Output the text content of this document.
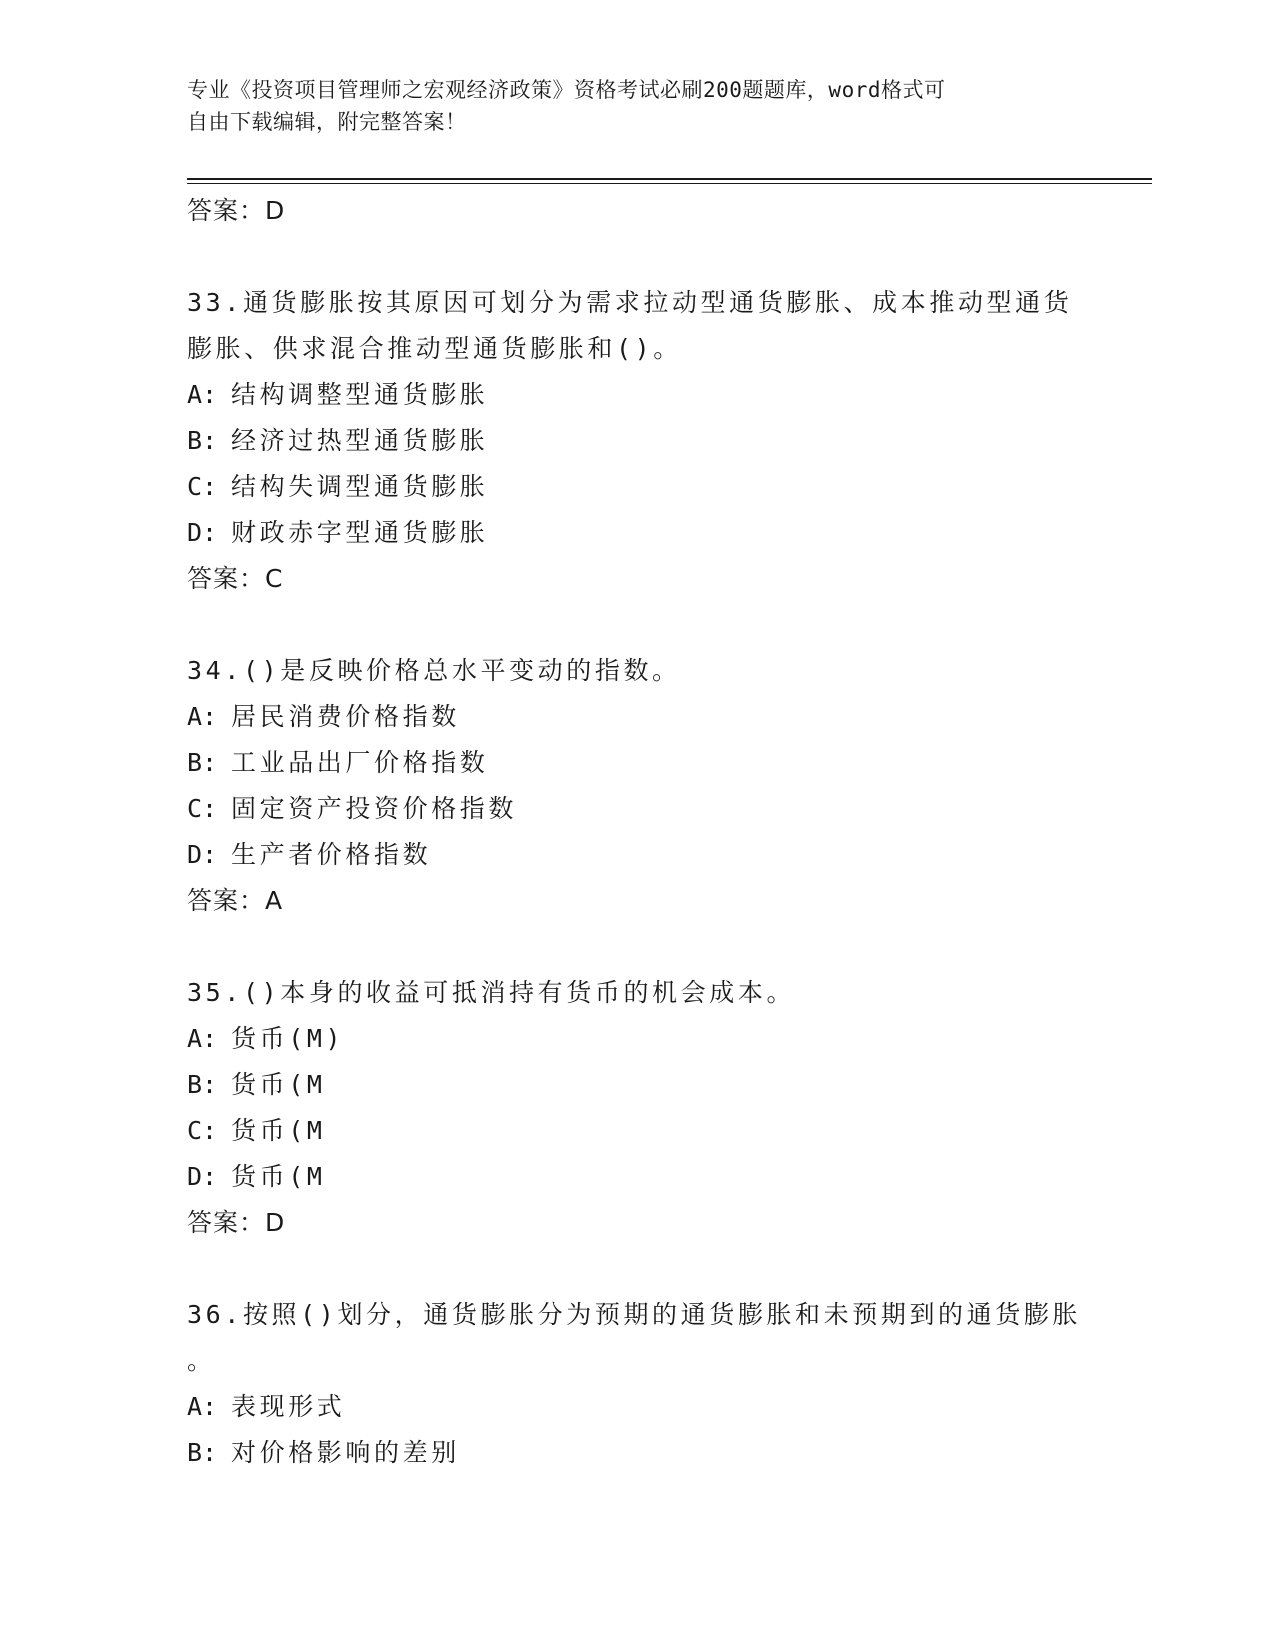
专业《投资项目管理师之宏观经济政策》资格考试必刷200题题库，word格式可
自由下载编辑，附完整答案！
答案：D
33.通货膨胀按其原因可划分为需求拉动型通货膨胀、成本推动型通货
膨胀、供求混合推动型通货膨胀和()。
A: 结构调整型通货膨胀
B: 经济过热型通货膨胀
C: 结构失调型通货膨胀
D: 财政赤字型通货膨胀
答案：C
34.()是反映价格总水平变动的指数。
A: 居民消费价格指数
B: 工业品出厂价格指数
C: 固定资产投资价格指数
D: 生产者价格指数
答案：A
35.()本身的收益可抵消持有货币的机会成本。
A: 货币(M)
B: 货币(M
C: 货币(M
D: 货币(M
答案：D
36.按照()划分，通货膨胀分为预期的通货膨胀和未预期到的通货膨胀
。
A: 表现形式
B: 对价格影响的差别
